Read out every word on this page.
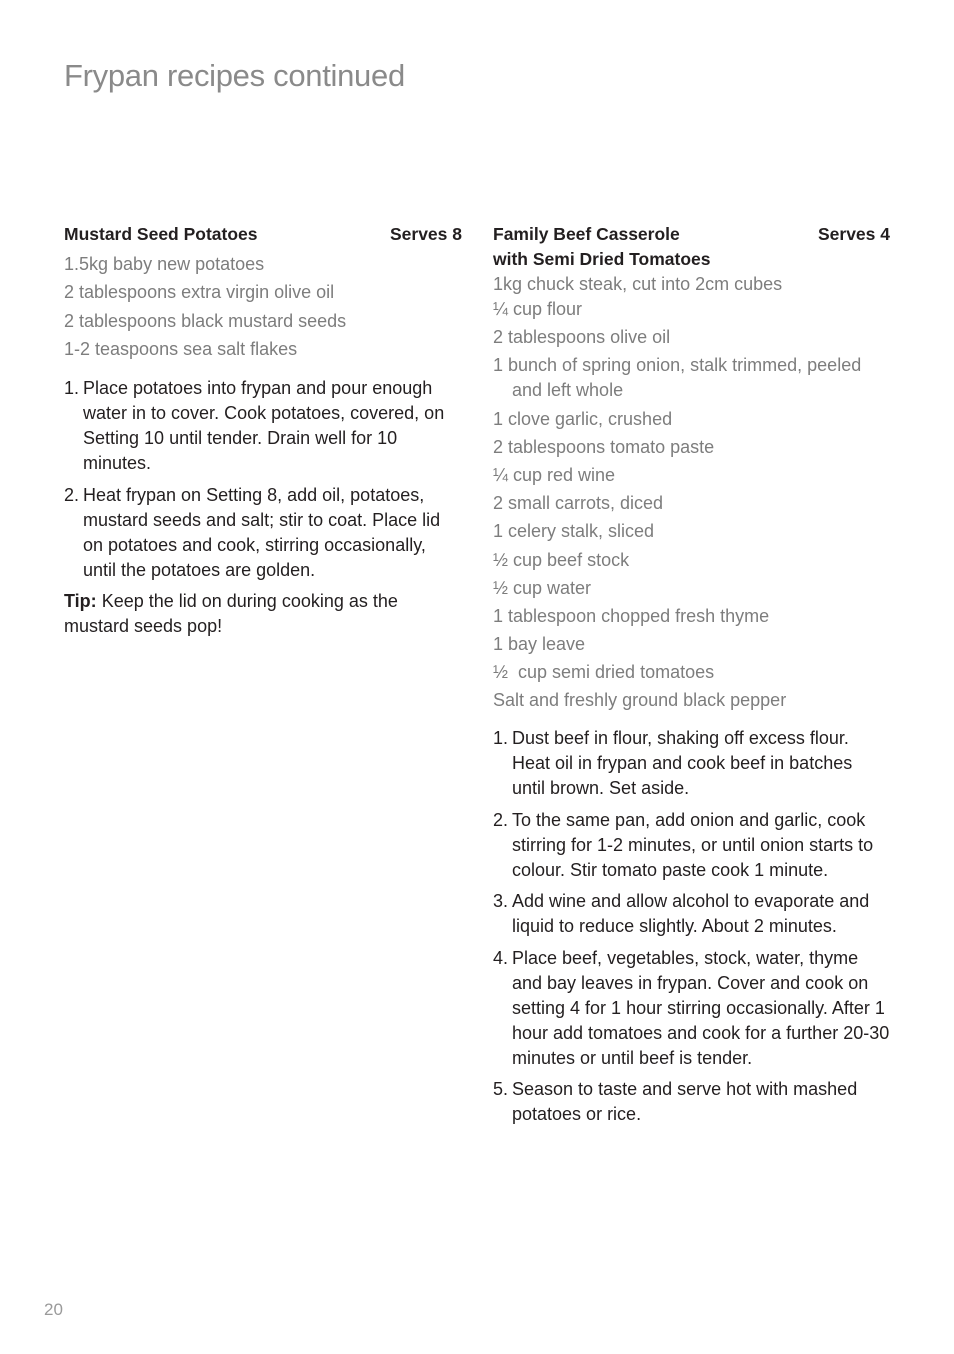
Frypan recipes continued
Mustard Seed Potatoes	Serves 8
1.5kg baby new potatoes
2 tablespoons extra virgin olive oil
2 tablespoons black mustard seeds
1-2 teaspoons sea salt flakes
1. Place potatoes into frypan and pour enough water in to cover. Cook potatoes, covered, on Setting 10 until tender. Drain well for 10 minutes.
2. Heat frypan on Setting 8, add oil, potatoes, mustard seeds and salt; stir to coat. Place lid on potatoes and cook, stirring occasionally, until the potatoes are golden.

Tip: Keep the lid on during cooking as the mustard seeds pop!

Family Beef Casserole
with Semi Dried Tomatoes
Serves 4
1kg chuck steak, cut into 2cm cubes
¼ cup flour
2 tablespoons olive oil
1 bunch of spring onion, stalk trimmed, peeled and left whole
1 clove garlic, crushed
2 tablespoons tomato paste
¼ cup red wine
2 small carrots, diced
1 celery stalk, sliced
½ cup beef stock
½ cup water
1 tablespoon chopped fresh thyme
1 bay leave
½  cup semi dried tomatoes
Salt and freshly ground black pepper
1. Dust beef in flour, shaking off excess flour. Heat oil in frypan and cook beef in batches until brown. Set aside.
2. To the same pan, add onion and garlic, cook stirring for 1-2 minutes, or until onion starts to colour. Stir tomato paste cook 1 minute.
3. Add wine and allow alcohol to evaporate and liquid to reduce slightly. About 2 minutes.
4. Place beef, vegetables, stock, water, thyme and bay leaves in frypan. Cover and cook on setting 4 for 1 hour stirring occasionally. After 1 hour add tomatoes and cook for a further 20-30 minutes or until beef is tender.
5. Season to taste and serve hot with mashed potatoes or rice.
20
